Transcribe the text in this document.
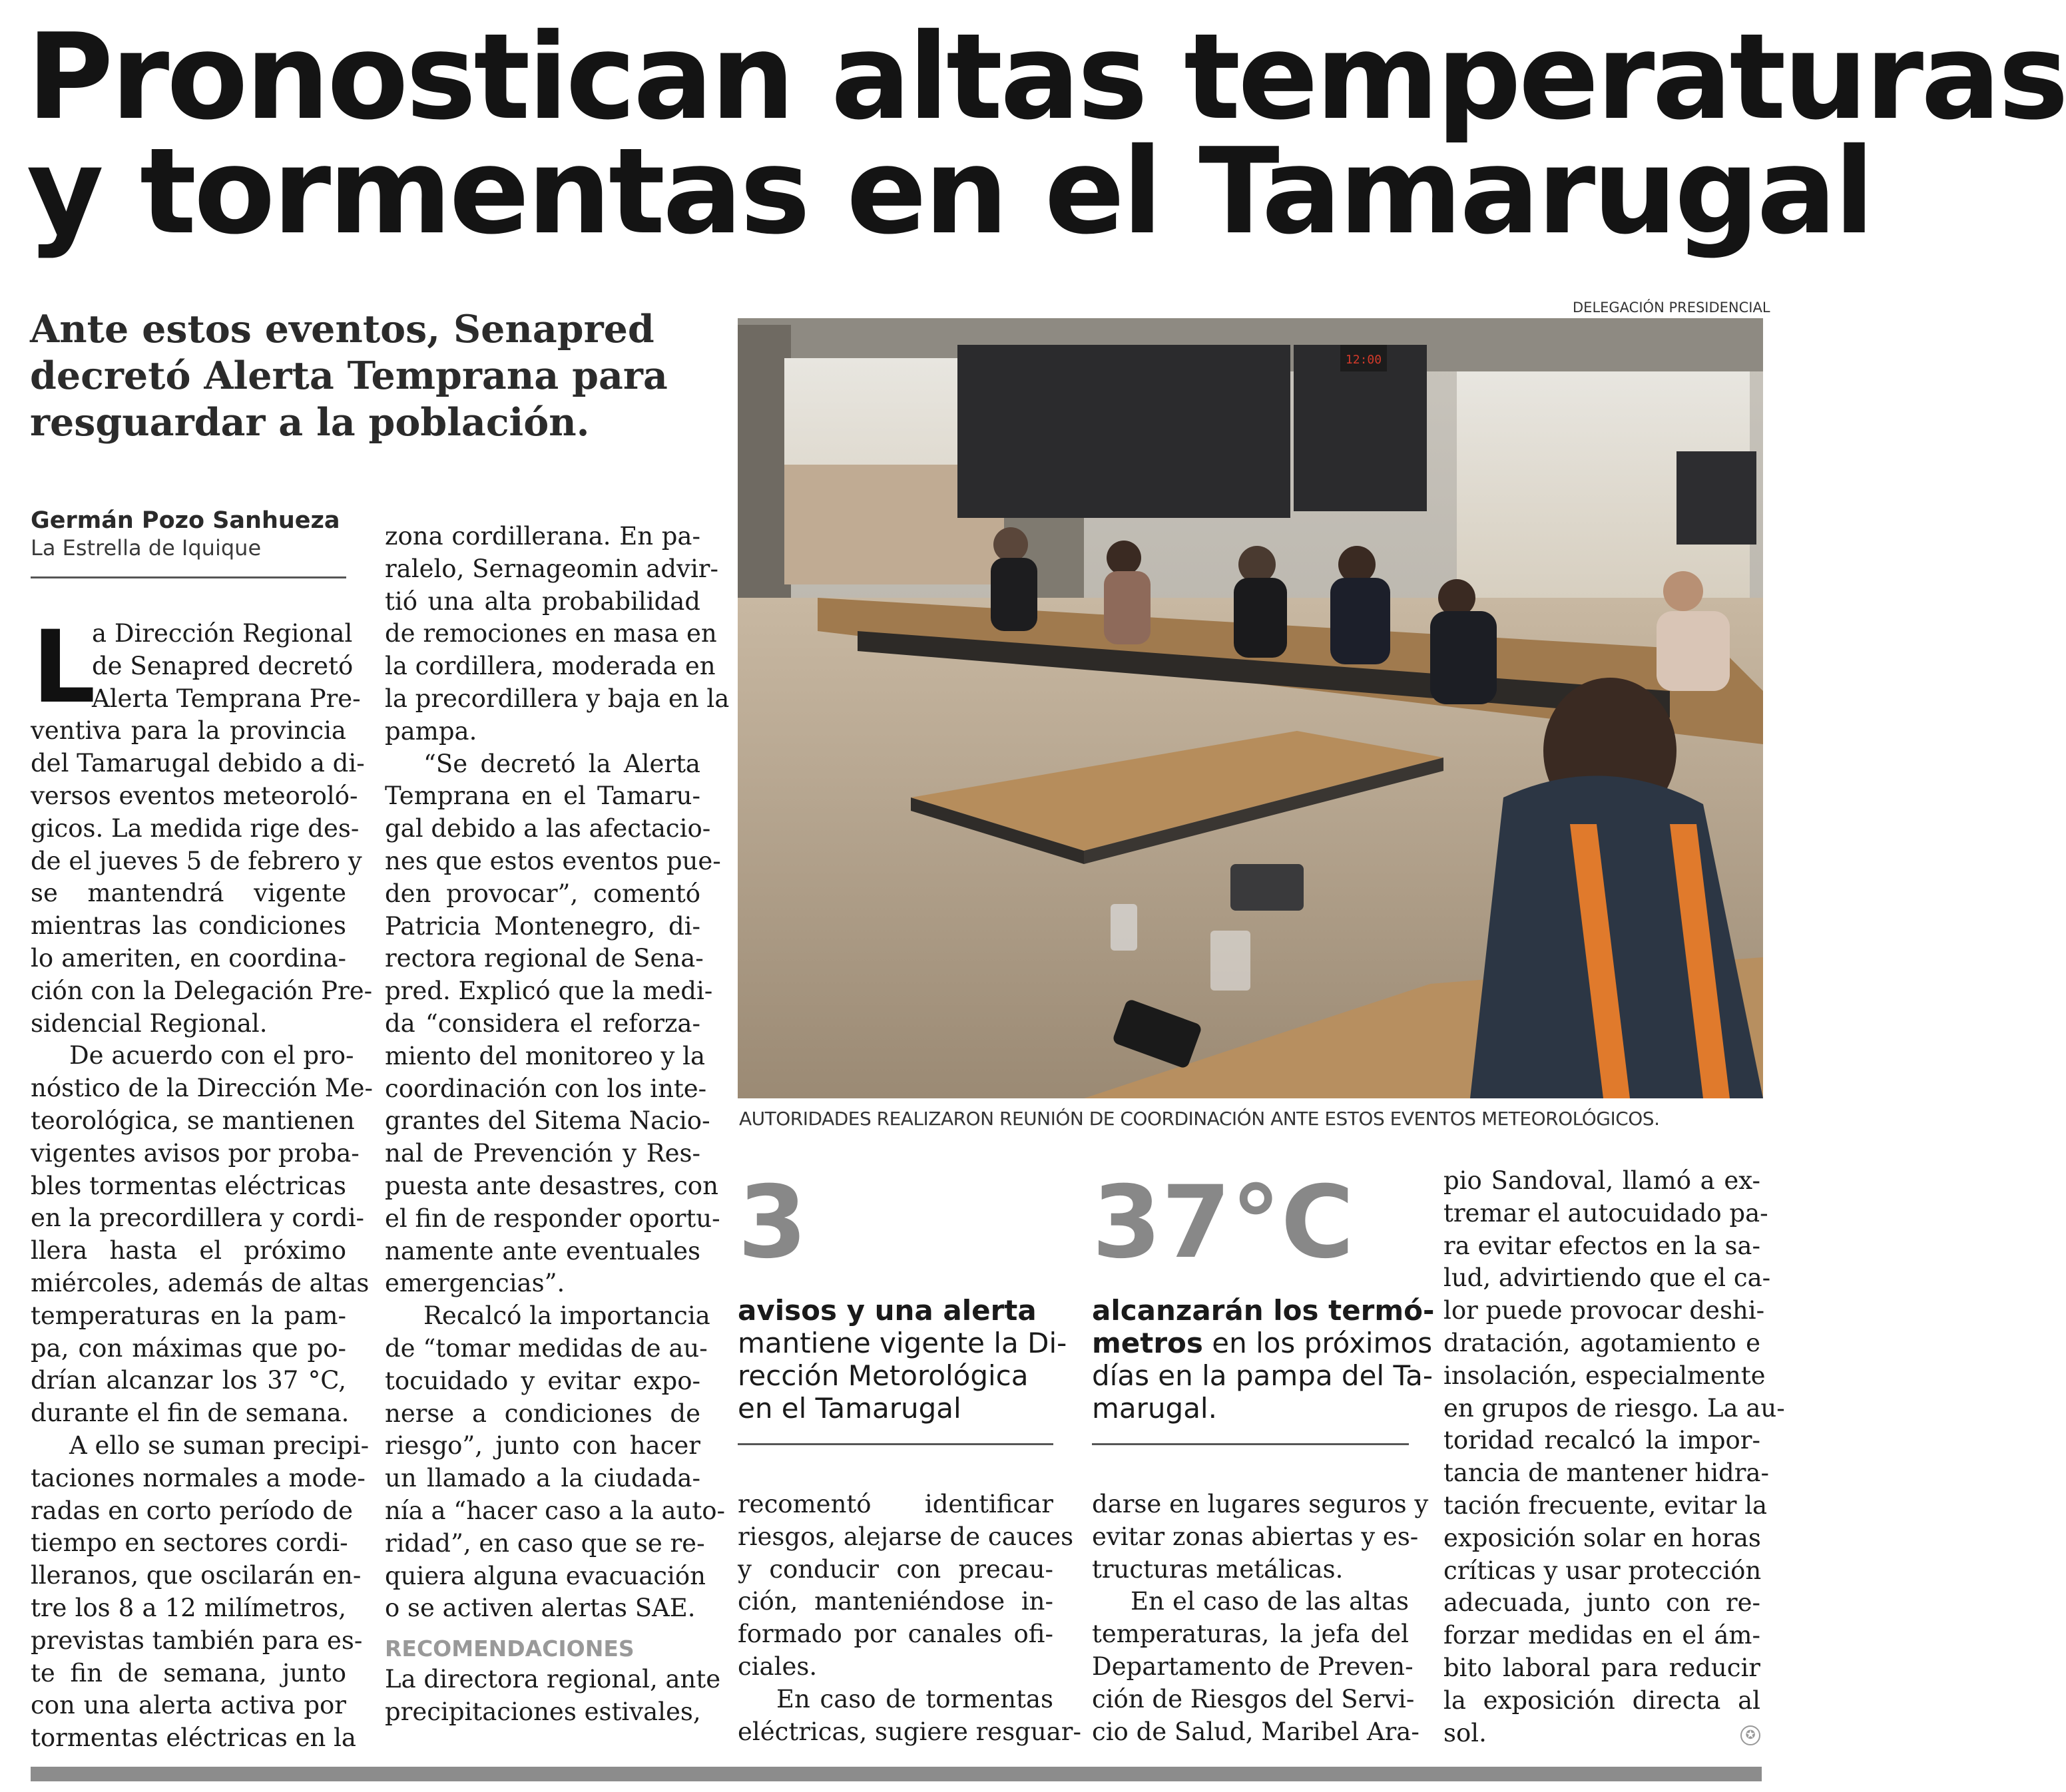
Pronostican altas temperaturas
y tormentas en el Tamarugal
Ante estos eventos, Senapred
decretó Alerta Temprana para
resguardar a la población.
Germán Pozo Sanhueza
La Estrella de Iquique
L
a Dirección Regional
de Senapred decretó
Alerta Temprana Pre-
ventiva para la provincia
del Tamarugal debido a di-
versos eventos meteoroló-
gicos. La medida rige des-
de el jueves 5 de febrero y
se mantendrá vigente
mientras las condiciones
lo ameriten, en coordina-
ción con la Delegación Pre-
sidencial Regional.
De acuerdo con el pro-
nóstico de la Dirección Me-
teorológica, se mantienen
vigentes avisos por proba-
bles tormentas eléctricas
en la precordillera y cordi-
llera hasta el próximo
miércoles, además de altas
temperaturas en la pam-
pa, con máximas que po-
drían alcanzar los 37 °C,
durante el fin de semana.
A ello se suman precipi-
taciones normales a mode-
radas en corto período de
tiempo en sectores cordi-
lleranos, que oscilarán en-
tre los 8 a 12 milímetros,
previstas también para es-
te fin de semana, junto
con una alerta activa por
tormentas eléctricas en la
zona cordillerana. En pa-
ralelo, Sernageomin advir-
tió una alta probabilidad
de remociones en masa en
la cordillera, moderada en
la precordillera y baja en la
pampa.
“Se decretó la Alerta
Temprana en el Tamaru-
gal debido a las afectacio-
nes que estos eventos pue-
den provocar”, comentó
Patricia Montenegro, di-
rectora regional de Sena-
pred. Explicó que la medi-
da “considera el reforza-
miento del monitoreo y la
coordinación con los inte-
grantes del Sitema Nacio-
nal de Prevención y Res-
puesta ante desastres, con
el fin de responder oportu-
namente ante eventuales
emergencias”.
Recalcó la importancia
de “tomar medidas de au-
tocuidado y evitar expo-
nerse a condiciones de
riesgo”, junto con hacer
un llamado a la ciudada-
nía a “hacer caso a la auto-
ridad”, en caso que se re-
quiera alguna evacuación
o se activen alertas SAE.
RECOMENDACIONES
La directora regional, ante
precipitaciones estivales,
DELEGACIÓN PRESIDENCIAL
12:00
AUTORIDADES REALIZARON REUNIÓN DE COORDINACIÓN ANTE ESTOS EVENTOS METEOROLÓGICOS.
3
avisos y una alerta
mantiene vigente la Di-
rección Metorológica
en el Tamarugal
37°C
alcanzarán los termó-
metros en los próximos
días en la pampa del Ta-
marugal.
recomentó identificar
riesgos, alejarse de cauces
y conducir con precau-
ción, manteniéndose in-
formado por canales ofi-
ciales.
En caso de tormentas
eléctricas, sugiere resguar-
darse en lugares seguros y
evitar zonas abiertas y es-
tructuras metálicas.
En el caso de las altas
temperaturas, la jefa del
Departamento de Preven-
ción de Riesgos del Servi-
cio de Salud, Maribel Ara-
pio Sandoval, llamó a ex-
tremar el autocuidado pa-
ra evitar efectos en la sa-
lud, advirtiendo que el ca-
lor puede provocar deshi-
dratación, agotamiento e
insolación, especialmente
en grupos de riesgo. La au-
toridad recalcó la impor-
tancia de mantener hidra-
tación frecuente, evitar la
exposición solar en horas
críticas y usar protección
adecuada, junto con re-
forzar medidas en el ám-
bito laboral para reducir
la exposición directa al
sol.	✪
